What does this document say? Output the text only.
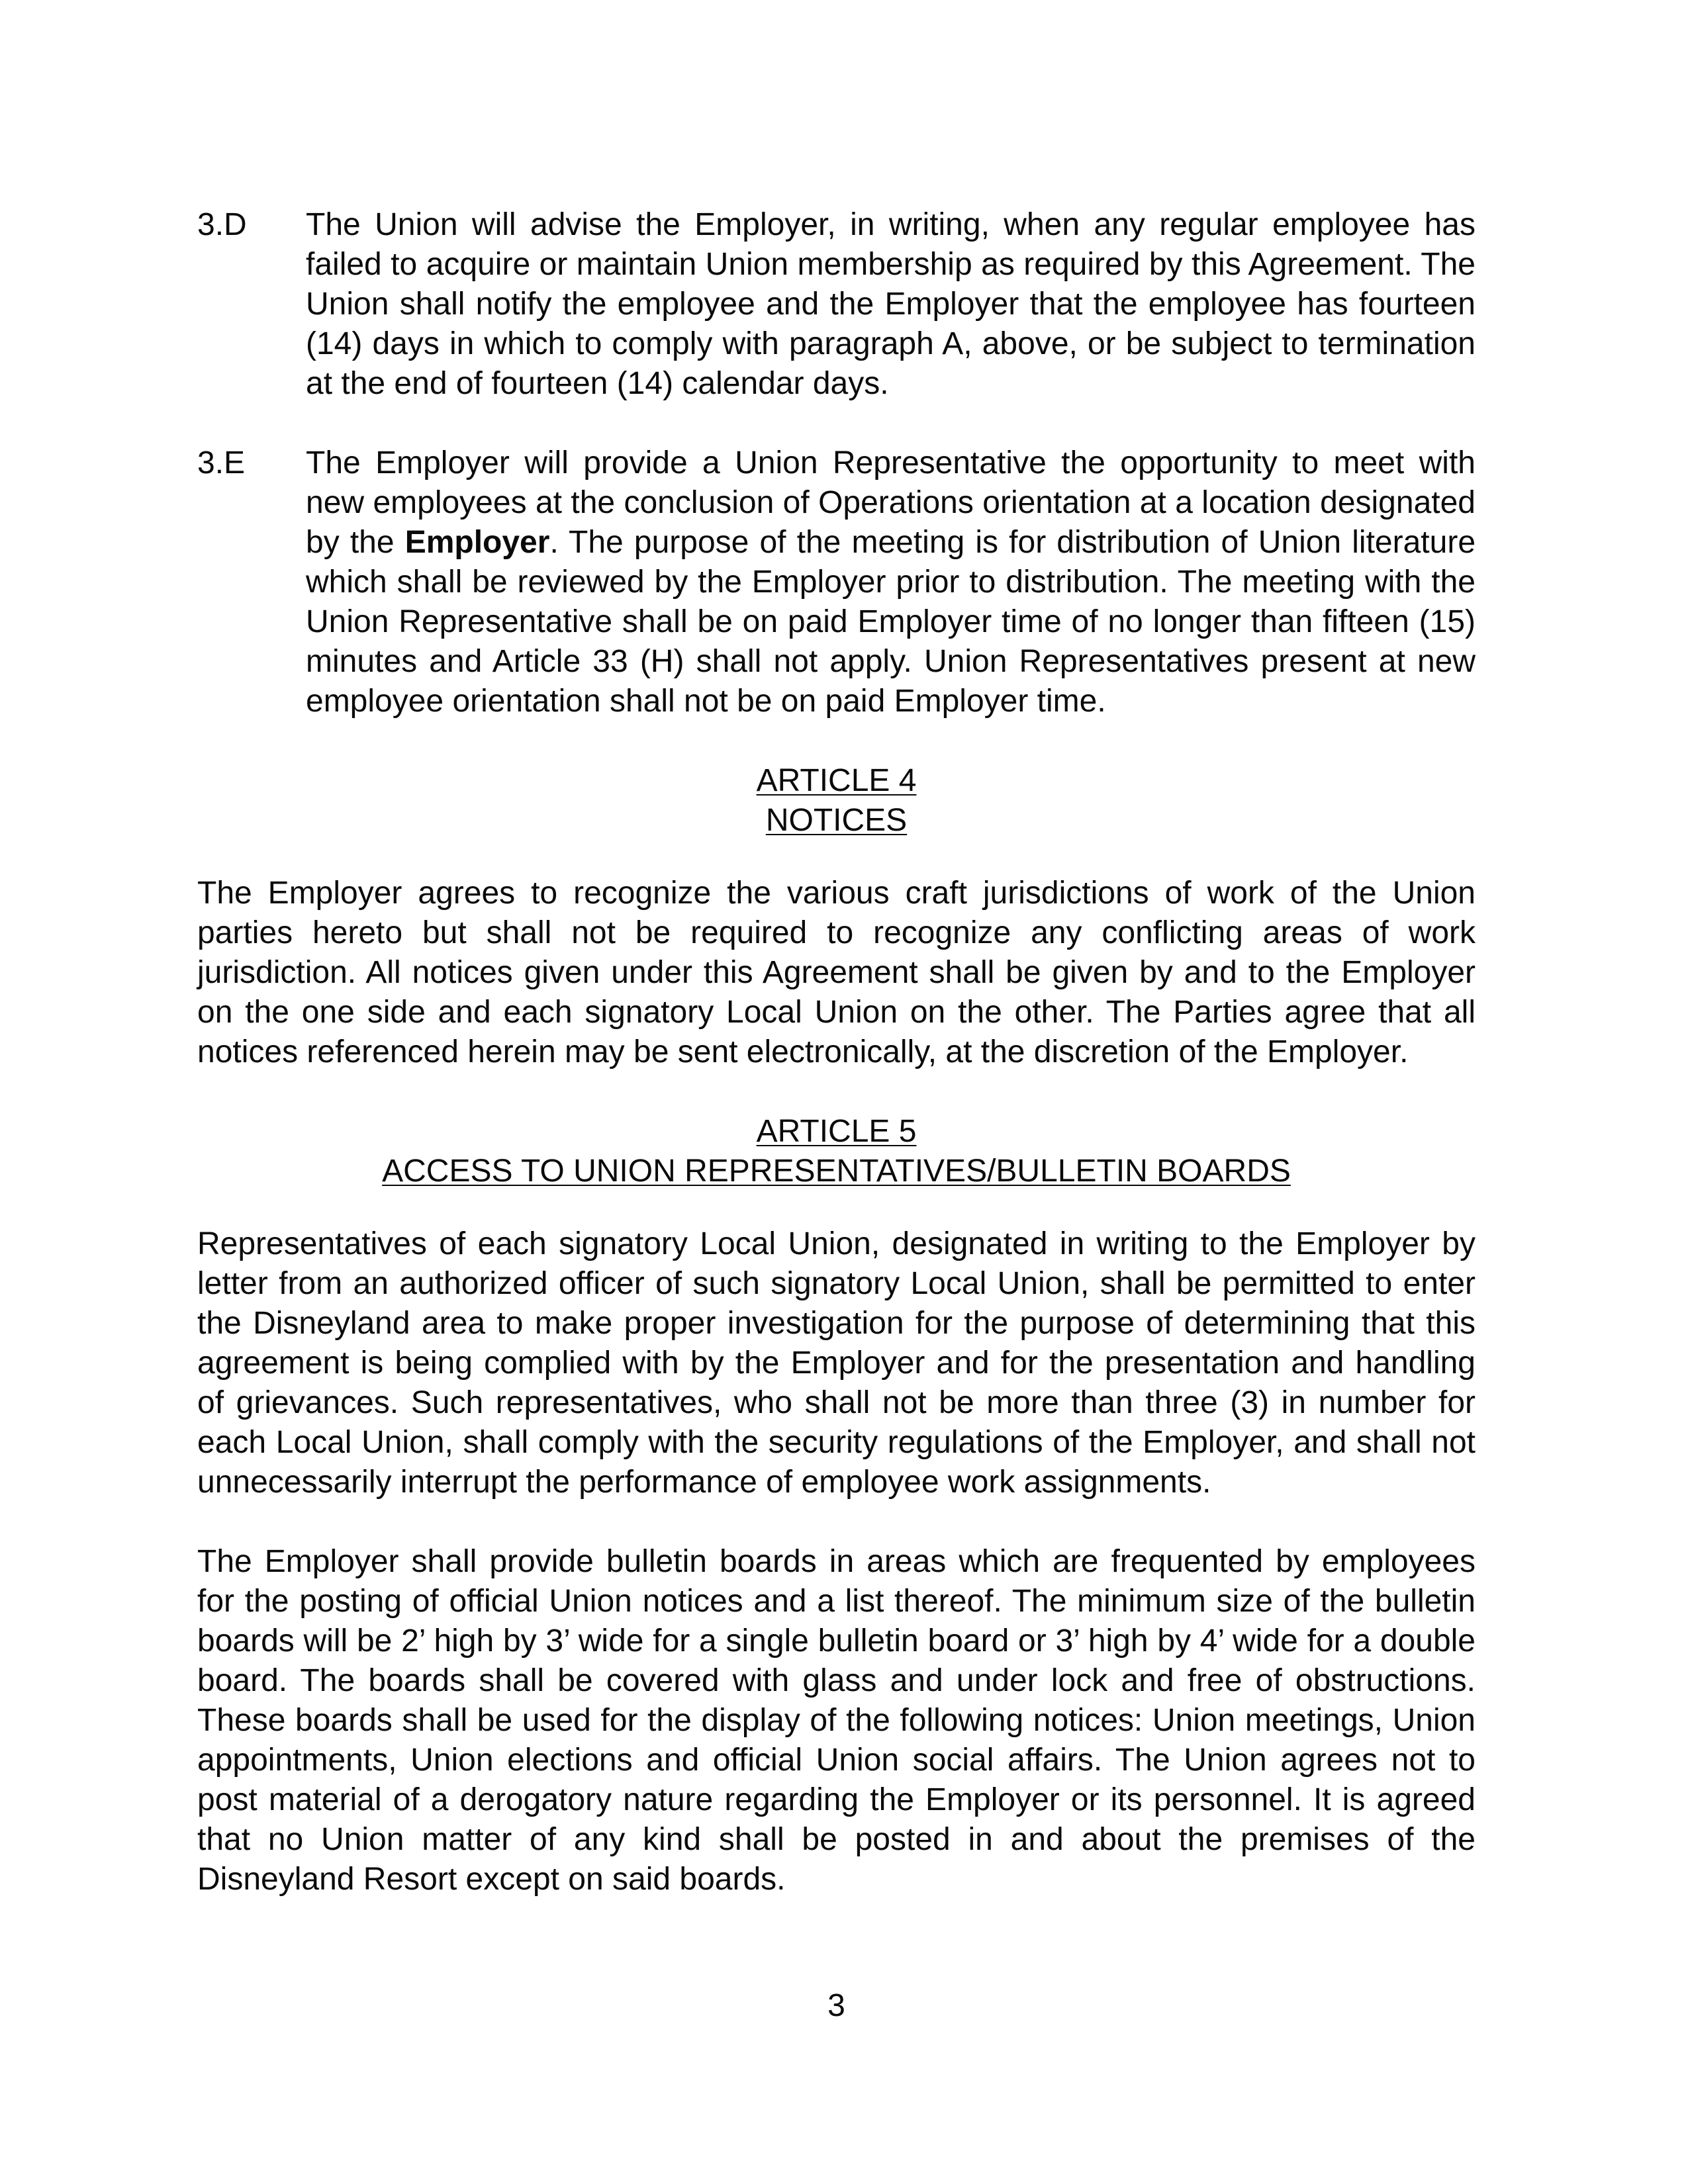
3.D	The Union will advise the Employer, in writing, when any regular employee has failed to acquire or maintain Union membership as required by this Agreement. The Union shall notify the employee and the Employer that the employee has fourteen (14) days in which to comply with paragraph A, above, or be subject to termination at the end of fourteen (14) calendar days.
3.E	The Employer will provide a Union Representative the opportunity to meet with new employees at the conclusion of Operations orientation at a location designated by the Employer. The purpose of the meeting is for distribution of Union literature which shall be reviewed by the Employer prior to distribution. The meeting with the Union Representative shall be on paid Employer time of no longer than fifteen (15) minutes and Article 33 (H) shall not apply. Union Representatives present at new employee orientation shall not be on paid Employer time.
ARTICLE 4
NOTICES

The Employer agrees to recognize the various craft jurisdictions of work of the Union parties hereto but shall not be required to recognize any conflicting areas of work jurisdiction. All notices given under this Agreement shall be given by and to the Employer on the one side and each signatory Local Union on the other. The Parties agree that all notices referenced herein may be sent electronically, at the discretion of the Employer.

ARTICLE 5
ACCESS TO UNION REPRESENTATIVES/BULLETIN BOARDS

Representatives of each signatory Local Union, designated in writing to the Employer by letter from an authorized officer of such signatory Local Union, shall be permitted to enter the Disneyland area to make proper investigation for the purpose of determining that this agreement is being complied with by the Employer and for the presentation and handling of grievances. Such representatives, who shall not be more than three (3) in number for each Local Union, shall comply with the security regulations of the Employer, and shall not unnecessarily interrupt the performance of employee work assignments.

The Employer shall provide bulletin boards in areas which are frequented by employees for the posting of official Union notices and a list thereof. The minimum size of the bulletin boards will be 2’ high by 3’ wide for a single bulletin board or 3’ high by 4’ wide for a double board. The boards shall be covered with glass and under lock and free of obstructions. These boards shall be used for the display of the following notices: Union meetings, Union appointments, Union elections and official Union social affairs. The Union agrees not to post material of a derogatory nature regarding the Employer or its personnel. It is agreed that no Union matter of any kind shall be posted in and about the premises of the Disneyland Resort except on said boards.

3
